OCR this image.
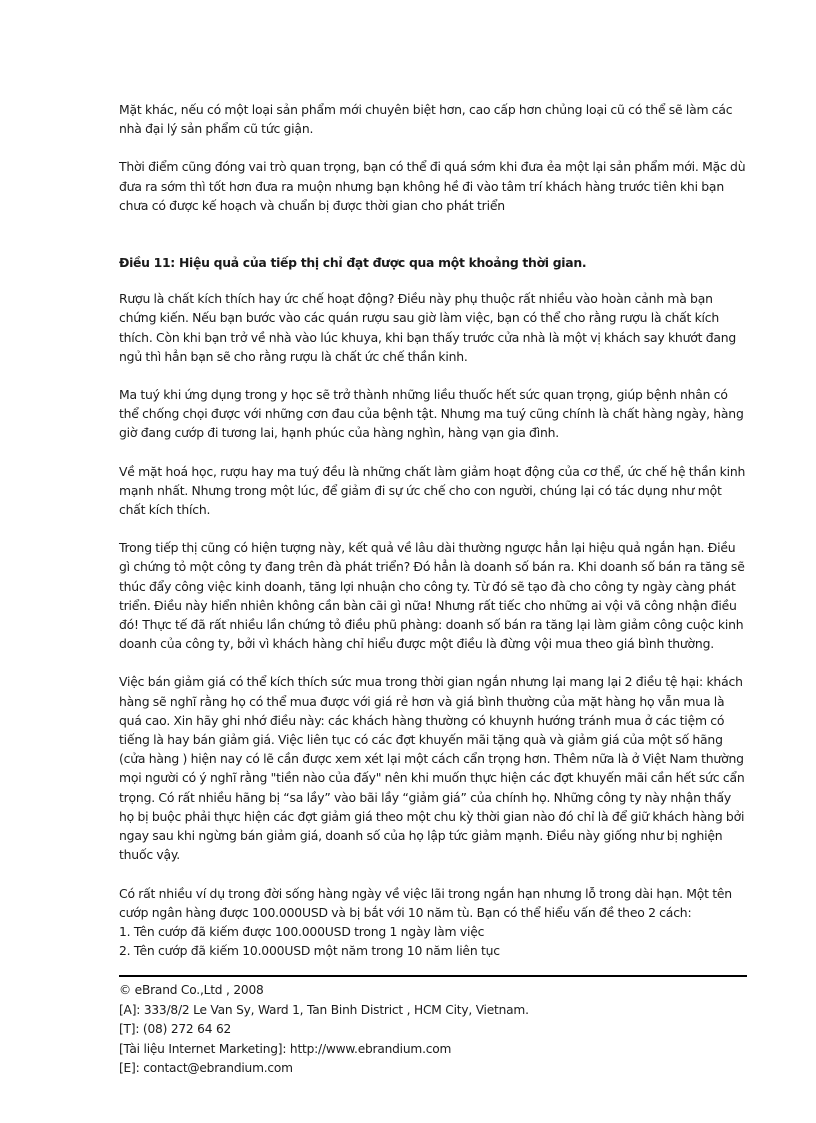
Mặt khác, nếu có một loại sản phẩm mới chuyên biệt hơn, cao cấp hơn chủng loại cũ có thể sẽ làm các nhà đại lý sản phẩm cũ tức giận.

Thời điểm cũng đóng vai trò quan trọng, bạn có thể đi quá sớm khi đưa ẻa một lại sản phẩm mới. Mặc dù đưa ra sớm thì tốt hơn đưa ra muộn nhưng bạn không hề đi vào tâm trí khách hàng trước tiên khi bạn chưa có được kế hoạch và chuẩn bị được thời gian cho phát triển

Điều 11: Hiệu quả của tiếp thị chỉ đạt được qua một khoảng thời gian.

Rượu là chất kích thích hay ức chế hoạt động? Điều này phụ thuộc rất nhiều vào hoàn cảnh mà bạn chứng kiến. Nếu bạn bước vào các quán rượu sau giờ làm việc, bạn có thể cho rằng rượu là chất kích thích. Còn khi bạn trở về nhà vào lúc khuya, khi bạn thấy trước cửa nhà là một vị khách say khướt đang ngủ thì hẳn bạn sẽ cho rằng rượu là chất ức chế thần kinh.

Ma tuý khi ứng dụng trong y học sẽ trở thành những liều thuốc hết sức quan trọng, giúp bệnh nhân có thể chống chọi được với những cơn đau của bệnh tật. Nhưng ma tuý cũng chính là chất hàng ngày, hàng giờ đang cướp đi tương lai, hạnh phúc của hàng nghìn, hàng vạn gia đình.

Về mặt hoá học, rượu hay ma tuý đều là những chất làm giảm hoạt động của cơ thể, ức chế hệ thần kinh mạnh nhất. Nhưng trong một lúc, để giảm đi sự ức chế cho con người, chúng lại có tác dụng như một chất kích thích.

Trong tiếp thị cũng có hiện tượng này, kết quả về lâu dài thường ngược hẳn lại hiệu quả ngắn hạn. Điều gì chứng tỏ một công ty đang trên đà phát triển? Đó hẳn là doanh số bán ra. Khi doanh số bán ra tăng sẽ thúc đẩy công việc kinh doanh, tăng lợi nhuận cho công ty. Từ đó sẽ tạo đà cho công ty ngày càng phát triển. Điều này hiển nhiên không cần bàn cãi gì nữa! Nhưng rất tiếc cho những ai vội vã công nhận điều đó! Thực tế đã rất nhiều lần chứng tỏ điều phũ phàng: doanh số bán ra tăng lại làm giảm công cuộc kinh doanh của công ty, bởi vì khách hàng chỉ hiểu được một điều là đừng vội mua theo giá bình thường.

Việc bán giảm giá có thể kích thích sức mua trong thời gian ngắn nhưng lại mang lại 2 điều tệ hại: khách hàng sẽ nghĩ rằng họ có thể mua được với giá rẻ hơn và giá bình thường của mặt hàng họ vẫn mua là quá cao. Xin hãy ghi nhớ điều này: các khách hàng thường có khuynh hướng tránh mua ở các tiệm có tiếng là hay bán giảm giá. Việc liên tục có các đợt khuyến mãi tặng quà và giảm giá của một số hãng (cửa hàng ) hiện nay có lẽ cần được xem xét lại một cách cẩn trọng hơn. Thêm nữa là ở Việt Nam thường mọi người có ý nghĩ rằng "tiền nào của đấy" nên khi muốn thực hiện các đợt khuyến mãi cần hết sức cẩn trọng. Có rất nhiều hãng bị “sa lầy” vào bãi lầy “giảm giá” của chính họ. Những công ty này nhận thấy họ bị buộc phải thực hiện các đợt giảm giá theo một chu kỳ thời gian nào đó chỉ là để giữ khách hàng bởi ngay sau khi ngừng bán giảm giá, doanh số của họ lập tức giảm mạnh. Điều này giống như bị nghiện thuốc vậy.

Có rất nhiều ví dụ trong đời sống hàng ngày về việc lãi trong ngắn hạn nhưng lỗ trong dài hạn. Một tên cướp ngân hàng được 100.000USD và bị bắt với 10 năm tù. Bạn có thể hiểu vấn đề theo 2 cách:
1. Tên cướp đã kiếm được 100.000USD trong 1 ngày làm việc
2. Tên cướp đã kiếm 10.000USD một năm trong 10 năm liên tục

© eBrand Co.,Ltd , 2008
[A]: 333/8/2 Le Van Sy, Ward 1, Tan Binh District , HCM City, Vietnam.
[T]: (08) 272 64 62
[Tài liệu Internet Marketing]: http://www.ebrandium.com
[E]: contact@ebrandium.com
